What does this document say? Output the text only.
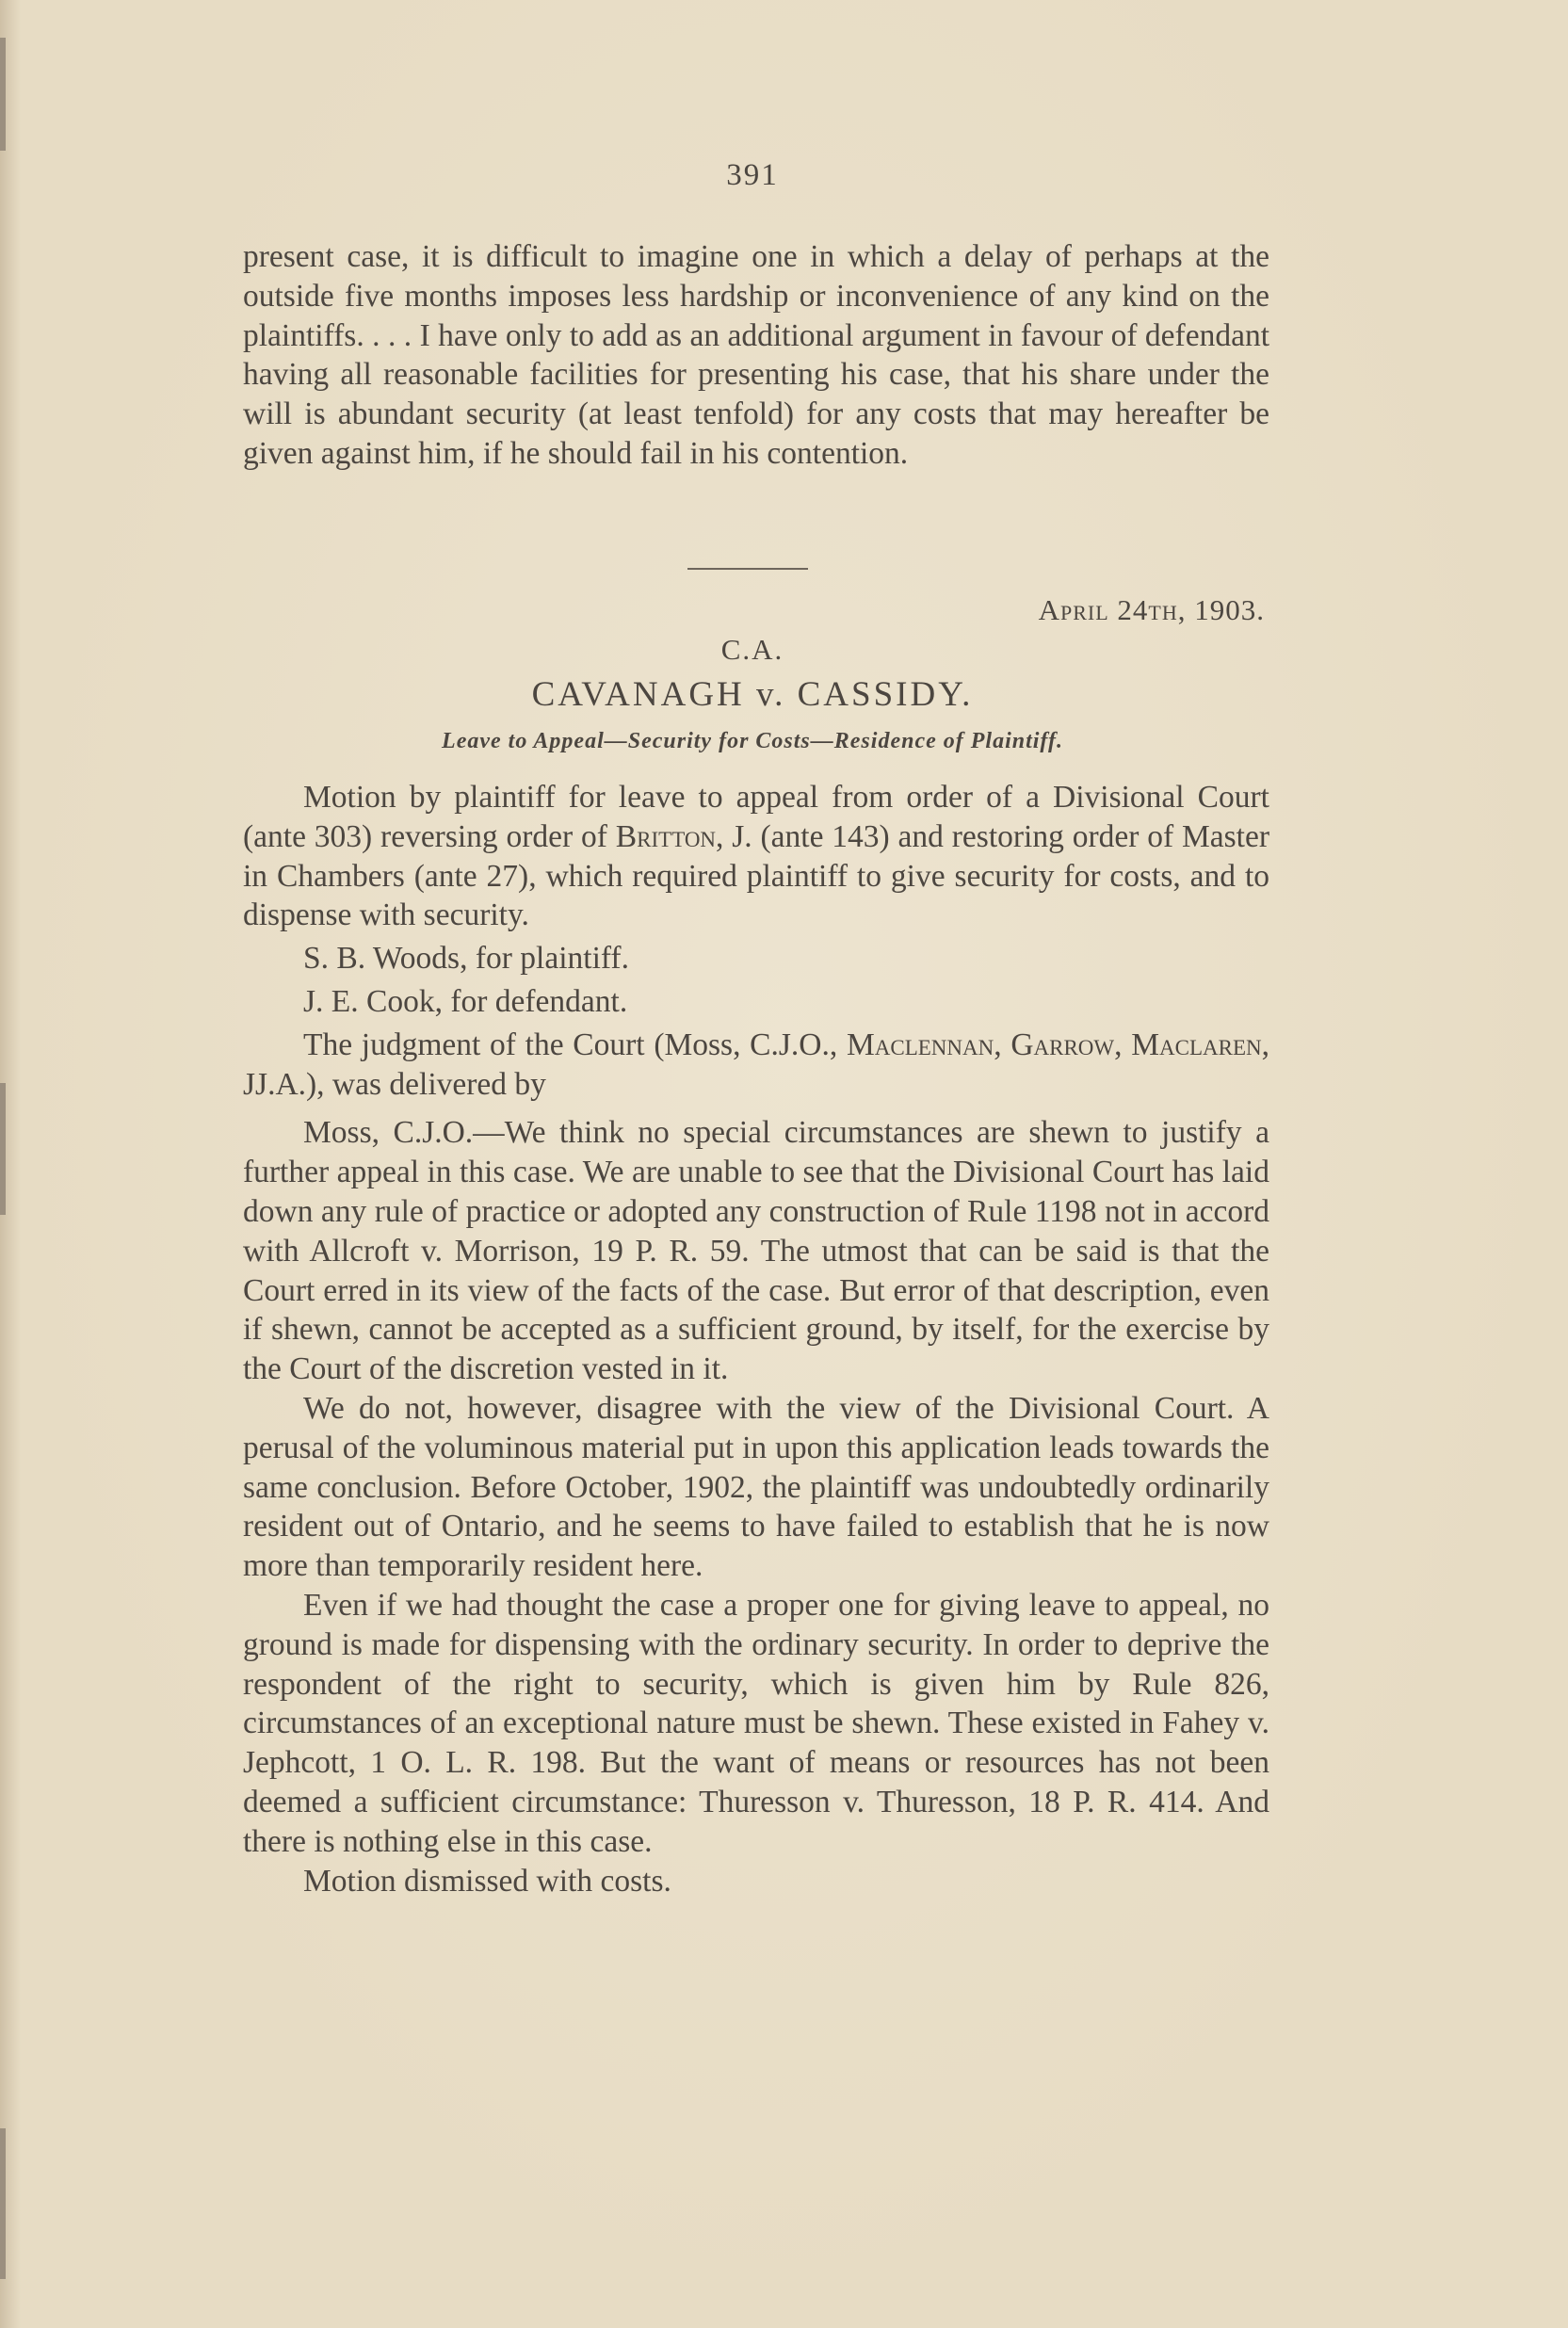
391

present case, it is difficult to imagine one in which a delay of perhaps at the outside five months imposes less hardship or inconvenience of any kind on the plaintiffs. . . . I have only to add as an additional argument in favour of defendant having all reasonable facilities for presenting his case, that his share under the will is abundant security (at least tenfold) for any costs that may hereafter be given against him, if he should fail in his contention.

April 24th, 1903.
C.A.
CAVANAGH v. CASSIDY.
Leave to Appeal—Security for Costs—Residence of Plaintiff.

Motion by plaintiff for leave to appeal from order of a Divisional Court (ante 303) reversing order of Britton, J. (ante 143) and restoring order of Master in Chambers (ante 27), which required plaintiff to give security for costs, and to dispense with security.

S. B. Woods, for plaintiff.

J. E. Cook, for defendant.

The judgment of the Court (Moss, C.J.O., Maclennan, Garrow, Maclaren, JJ.A.), was delivered by

Moss, C.J.O.—We think no special circumstances are shewn to justify a further appeal in this case. We are unable to see that the Divisional Court has laid down any rule of practice or adopted any construction of Rule 1198 not in accord with Allcroft v. Morrison, 19 P. R. 59. The utmost that can be said is that the Court erred in its view of the facts of the case. But error of that description, even if shewn, cannot be accepted as a sufficient ground, by itself, for the exercise by the Court of the discretion vested in it.

We do not, however, disagree with the view of the Divisional Court. A perusal of the voluminous material put in upon this application leads towards the same conclusion. Before October, 1902, the plaintiff was undoubtedly ordinarily resident out of Ontario, and he seems to have failed to establish that he is now more than temporarily resident here.

Even if we had thought the case a proper one for giving leave to appeal, no ground is made for dispensing with the ordinary security. In order to deprive the respondent of the right to security, which is given him by Rule 826, circumstances of an exceptional nature must be shewn. These existed in Fahey v. Jephcott, 1 O. L. R. 198. But the want of means or resources has not been deemed a sufficient circumstance: Thuresson v. Thuresson, 18 P. R. 414. And there is nothing else in this case.

Motion dismissed with costs.
